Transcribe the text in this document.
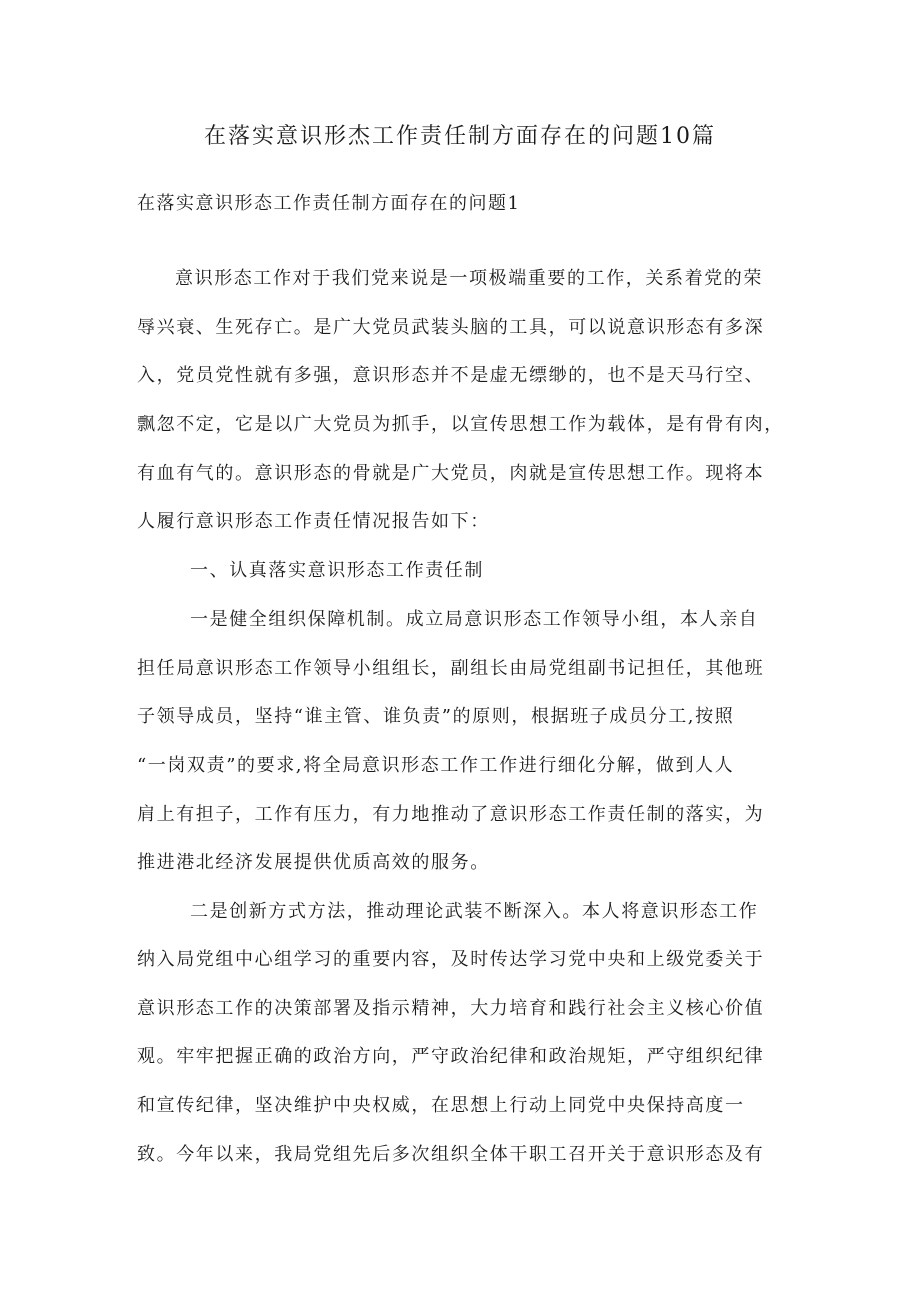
在落实意识形杰工作责任制方面存在的问题10篇
在落实意识形态工作责任制方面存在的问题1
意识形态工作对于我们党来说是一项极端重要的工作，关系着党的荣
辱兴衰、生死存亡。是广大党员武装头脑的工具，可以说意识形态有多深
入，党员党性就有多强，意识形态并不是虚无缥缈的，也不是天马行空、
飘忽不定，它是以广大党员为抓手，以宣传思想工作为载体，是有骨有肉，
有血有气的。意识形态的骨就是广大党员，肉就是宣传思想工作。现将本
人履行意识形态工作责任情况报告如下：
一、认真落实意识形态工作责任制
一是健全组织保障机制。成立局意识形态工作领导小组，本人亲自
担任局意识形态工作领导小组组长，副组长由局党组副书记担任，其他班
子领导成员，坚持“谁主管、谁负责”的原则，根据班子成员分工,按照
“一岗双责”的要求,将全局意识形态工作工作进行细化分解，做到人人
肩上有担子，工作有压力，有力地推动了意识形态工作责任制的落实，为
推进港北经济发展提供优质高效的服务。
二是创新方式方法，推动理论武装不断深入。本人将意识形态工作
纳入局党组中心组学习的重要内容，及时传达学习党中央和上级党委关于
意识形态工作的决策部署及指示精神，大力培育和践行社会主义核心价值
观。牢牢把握正确的政治方向，严守政治纪律和政治规矩，严守组织纪律
和宣传纪律，坚决维护中央权威，在思想上行动上同党中央保持高度一
致。今年以来，我局党组先后多次组织全体干职工召开关于意识形态及有
